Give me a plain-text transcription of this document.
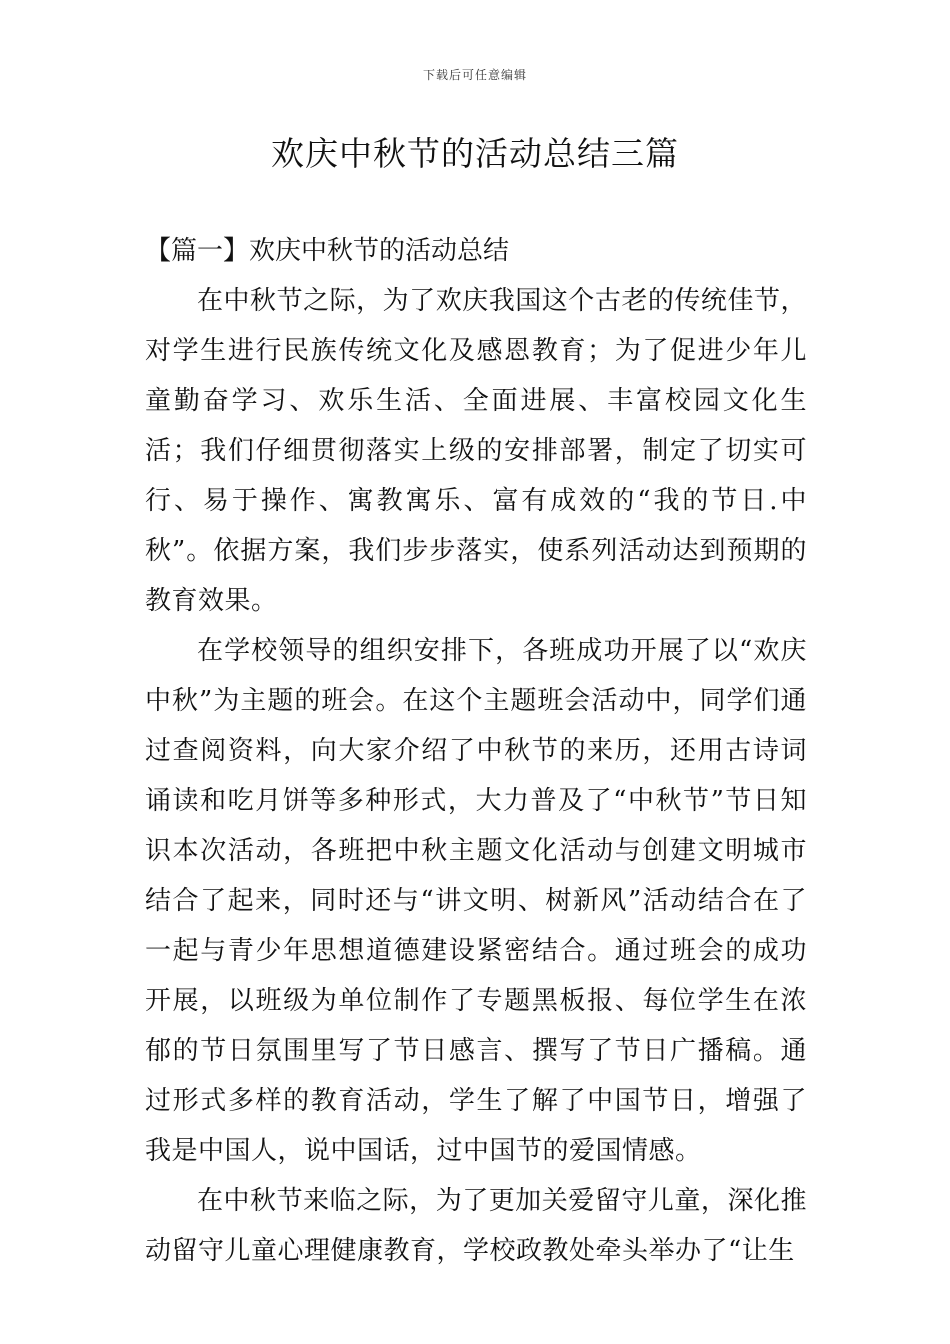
下载后可任意编辑
欢庆中秋节的活动总结三篇

【篇一】欢庆中秋节的活动总结

在中秋节之际，为了欢庆我国这个古老的传统佳节，对学生进行民族传统文化及感恩教育；为了促进少年儿童勤奋学习、欢乐生活、全面进展、丰富校园文化生活；我们仔细贯彻落实上级的安排部署，制定了切实可行、易于操作、寓教寓乐、富有成效的“我的节日.中秋”。依据方案，我们步步落实，使系列活动达到预期的教育效果。

在学校领导的组织安排下，各班成功开展了以“欢庆中秋”为主题的班会。在这个主题班会活动中，同学们通过查阅资料，向大家介绍了中秋节的来历，还用古诗词诵读和吃月饼等多种形式，大力普及了“中秋节”节日知识本次活动，各班把中秋主题文化活动与创建文明城市结合了起来，同时还与“讲文明、树新风”活动结合在了一起与青少年思想道德建设紧密结合。通过班会的成功开展，以班级为单位制作了专题黑板报、每位学生在浓郁的节日氛围里写了节日感言、撰写了节日广播稿。通过形式多样的教育活动，学生了解了中国节日，增强了我是中国人，说中国话，过中国节的爱国情感。

在中秋节来临之际，为了更加关爱留守儿童，深化推动留守儿童心理健康教育，学校政教处牵头举办了“让生
